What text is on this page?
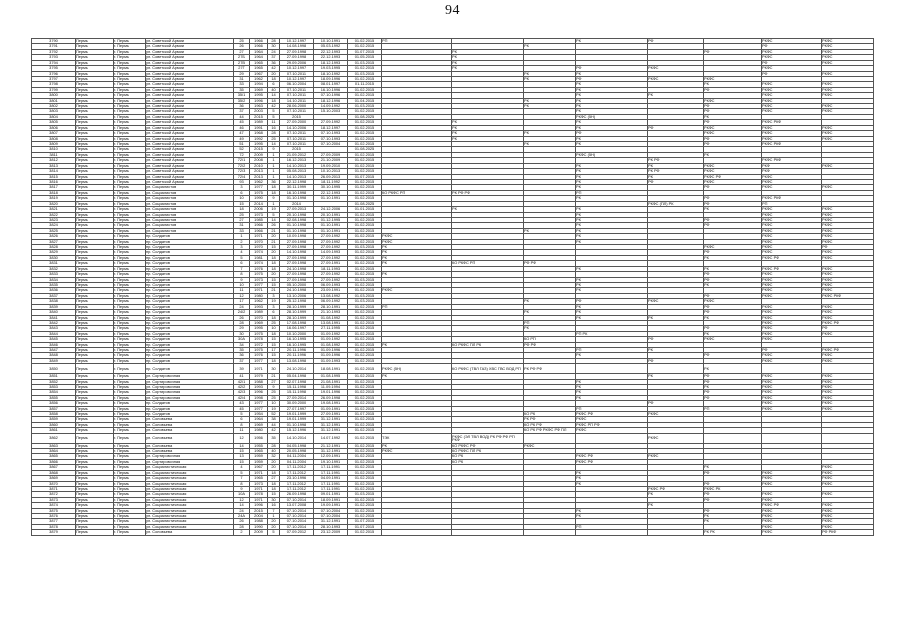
94
3790	Пермь	г. Пермь	ул. Советской Армии	25	1966	28	10.12.1997	10.10.1991	01.02.2015	РП			РК	РФ		РКФС	РКФС
3791	Пермь	г. Пермь	ул. Советской Армии	26	1966	30	14.08.1998	05.03.1992	01.02.2015			РК				РФ	РКФС
3792	Пермь	г. Пермь	ул. Советской Армии	27	1964	24	27.09.1998	22.12.1993	01.07.2015		РК				РФ	РКФС	РКФС
3793	Пермь	г. Пермь	ул. Советской Армии	27Б	1964	37	27.09.1998	22.12.1993	01.05.2015		РК					РКФС	РКФС
3794	Пермь	г. Пермь	ул. Советской Армии	27В	1965	36	29.09.2006	18.12.1993	01.03.2015		РК					РФ	РКФС
3795	Пермь	г. Пермь	ул. Советской Армии	27Г	1965	42	10.12.1997	19.03.1995	01.02.2015		РК		РФ	РКФС		РКФС	
3796	Пермь	г. Пермь	ул. Советской Армии	29	1967	20	07.10.2011	18.10.1992	01.03.2015			РК	РК			РФ	РКФС
3797	Пермь	г. Пермь	ул. Советской Армии	31	1962	18	10.12.1997	18.09.1996	01.02.2015			РК	РФ	РКФС	РКФС		
3798	Пермь	г. Пермь	ул. Советской Армии	33	1994	6	06.10.2004	08.01.1997	01.11.2015				РК		РК	РКФС	РКФС
3799	Пермь	г. Пермь	ул. Советской Армии	35	1969	40	07.10.2011	16.10.1996	01.02.2015				РК		РФ	РКФС	РКФС
3800	Пермь	г. Пермь	ул. Советской Армии	35/1	1995	14	07.10.2011	07.10.1996	01.02.2015				РК	РК		РКФС	РКФС
3801	Пермь	г. Пермь	ул. Советской Армии	35/2	1996	18	14.10.2011	18.12.1996	01.04.2015			РК	РК		РКФС	РКФС	
3802	Пермь	г. Пермь	ул. Советской Армии	36	1963	42	28.06.2000	14.09.1992	01.03.2015			РК	РК		РФ	РКФС	РКФС
3803	Пермь	г. Пермь	ул. Советской Армии	37	2003	5	07.10.2011	15.10.2003	01.02.2015				РК		РФ	РКФС	РКФС
3804	Пермь	г. Пермь	ул. Советской Армии	44	2015	5	2015		01.08.2025				РКФС (5Н)		РК		
3805	Пермь	г. Пермь	ул. Советской Армии	45	1989	11	27.09.2000	27.09.1992	01.02.2015		РК		РК		РФ	РКФС РКФ	
3806	Пермь	г. Пермь	ул. Советской Армии	46	1991	16	14.10.2006	18.12.1997	01.02.2015		РК		РК	РФ	РКФС	РКФС	РКФС
3807	Пермь	г. Пермь	ул. Советской Армии	47	1968	28	07.10.2011	07.10.1993	01.02.2015		РК	РК	РФ		РКФС	РКФС	РКФС
3808	Пермь	г. Пермь	ул. Советской Армии	49	1992	25	07.10.2011	07.10.1993	01.02.2015		РК		РК		РФ	РКФС	РКФС
3809	Пермь	г. Пермь	ул. Советской Армии	51	1995	14	07.10.2011	07.10.2004	01.02.2015			РК	РК		РФ	РКФС РКФ	
3810	Пермь	г. Пермь	ул. Советской Армии	52	2015	9	2015		01.08.2025								
3811	Пермь	г. Пермь	ул. Советской Армии	72	2009	1	21.09.2012	27.09.2009	01.02.2015				РКФС (5Н)		РК		
3812	Пермь	г. Пермь	ул. Советской Армии	72/1	2008	1	16.12.2013	21.10.2009	01.02.2015					РК РФ		РКФС РКФ	
3813	Пермь	г. Пермь	ул. Советской Армии	72/2	2010	1	14.10.2013	19.09.2010	01.02.2015				РК	РК	РКФС	РКФ	РКФС
3814	Пермь	г. Пермь	ул. Советской Армии	72/3	2013	1	05.08.2013	10.10.2013	01.02.2015				РК	РК РФ	РКФС	РКФ	
3815	Пермь	г. Пермь	ул. Советской Армии	72/4	2013	1	14.10.2013	26.09.2013	01.07.2015				РК	РК	РКФС РФ	РКФС	
3816	Пермь	г. Пермь	ул. Советской Армии	93	1962	36	22.12.1998	18.11.1992	01.02.2015				РК	РФ	РКФС	РКФС	
3817	Пермь	г. Пермь	ул. Социалистов	3	1977	18	30.11.1999	30.10.1995	01.02.2015				РК		РФ	РКФС	РКФС
3818	Пермь	г. Пермь	ул. Социалистов	6	1975	18	16.10.1998	22.12.1993	01.02.2015	КО РКФС РП	РК РФ РФ		РП				
3819	Пермь	г. Пермь	ул. Социалистов	10	1990	9	01.10.1998	01.10.1991	01.02.2015				РК		РФ	РКФС РКФ	
3820	Пермь	г. Пермь	ул. Социалистов	15	2014	1	2014		01.08.2025					РКФС (ПЛ) РК	РФ	РП	
3821	Пермь	г. Пермь	ул. Социалистов	18	2006	19	27.09.2013	24.12.2006	01.01.2015		РК		РК		РК	РКФС	РКФС
3822	Пермь	г. Пермь	ул. Социалистов	25	1973	5	20.10.1998	20.10.1991	01.02.2015				РК			РКФС	РКФС
3823	Пермь	г. Пермь	ул. Социалистов	27	1985	14	02.08.1998	01.12.1995	01.02.2015				РК		РФ	РКФС	РКФС
3824	Пермь	г. Пермь	ул. Социалистов	31	1966	26	01.10.1998	01.10.1991	01.02.2015				РК		РФ	РКФС	РКФС
3825	Пермь	г. Пермь	ул. Социалистов	33	1966	21	01.10.1998	01.10.1991	01.02.2015			РК	РК			РКФС	РКФС
3826	Пермь	г. Пермь	пр. Солдатов	1	1971	20	10.09.1998	27.09.1992	01.02.2015	РКФС			РК			РКФС	РКФС
3827	Пермь	г. Пермь	пр. Солдатов	2	1970	21	27.09.1998	27.09.1992	01.02.2015	РКФС			РК			РКФС	РКФС
3828	Пермь	г. Пермь	пр. Солдатов	3	1970	15	27.09.1998	27.09.1992	01.03.2015	РК					РКФС	РКФС	РФ
3829	Пермь	г. Пермь	пр. Солдатов	4	1974	20	14.10.1998	14.09.1993	01.02.2015	РК					РФ	РКФС	РКФС
3830	Пермь	г. Пермь	пр. Солдатов	5	1981	18	27.09.1998	27.09.1992	01.02.2015	РК					РК	РКФС РФ	РКФС
3831	Пермь	г. Пермь	пр. Солдатов	6	1974	18	27.09.1998	27.09.1991	01.02.2015	РК	КО РКФС РП	РФ РФ					
3832	Пермь	г. Пермь	пр. Солдатов	7	1976	18	24.10.1998	18.11.1993	01.02.2015				РК		РК	РКФС РФ	РКФС
3833	Пермь	г. Пермь	пр. Солдатов	8	1975	20	27.09.1998	27.09.1992	01.02.2015	РК					РФ	РКФС	РКФС
3834	Пермь	г. Пермь	пр. Солдатов	9	1973	15	27.09.1998	27.09.1992	01.03.2015				РК		РФ	РКФС	РКФС
3835	Пермь	г. Пермь	пр. Солдатов	10	1977	15	05.10.2000	06.09.1993	01.02.2015				РК		РК	РКФС	РКФС
3836	Пермь	г. Пермь	пр. Солдатов	11	1971	21	24.10.1998	23.09.1991	01.02.2015	РКФС			РК			РКФС	РКФС
3837	Пермь	г. Пермь	пр. Солдатов	12	1980	3	13.10.2006	13.08.1992	01.03.2015						РФ	РКФС	РКФС РКФ
3838	Пермь	г. Пермь	пр. Солдатов	17	1962	19	25.12.1998	06.09.1992	01.03.2015			РК	РФ	РКФС	РКФС		
3839	Пермь	г. Пермь	пр. Солдатов	24	1993	3	28.10.1999	28.10.1991	01.02.2015	РП			РК		РФ	РКФС	РКФС
3840	Пермь	г. Пермь	пр. Солдатов	24/2	1989	6	28.10.1999	21.10.1993	01.02.2015			РК	РК		РФ	РКФС	РКФС
3841	Пермь	г. Пермь	пр. Солдатов	26	1970	18	28.10.1999	01.08.1992	01.02.2015				РК	РК	РК	РКФС	РКФС
3842	Пермь	г. Пермь	пр. Солдатов	28	1969	25	17.08.1998	13.08.1991	01.02.2015			РП				РКФС	РКФС РФ
3843	Пермь	г. Пермь	пр. Солдатов	29	1995	10	16.06.1997	27.11.1995	01.02.2015			РК			РФ	РКФС	РФ
3844	Пермь	г. Пермь	пр. Солдатов	30	1975	18	10.10.2000	01.09.1992	01.02.2015				РП РК		РК	РКФС	РКФС
3845	Пермь	г. Пермь	пр. Солдатов	30А	1978	15	16.10.1995	01.09.1992	01.02.2015			КО РП		РФ	РКФС	РКФС	
3846	Пермь	г. Пермь	пр. Солдатов	34	1972	15	16.10.1995	01.08.1992	01.02.2015	РК	КО РКФС ПЛ РК	РФ РФ					
3847	Пермь	г. Пермь	пр. Солдатов	35	1975	17	20.11.1996	01.09.1996	01.02.2015				РП	РК		РФ	РКФС РФ
3848	Пермь	г. Пермь	пр. Солдатов	36	1976	15	20.11.1996	01.09.1996	01.02.2015				РК		РФ	РКФС	РКФС
3849	Пермь	г. Пермь	пр. Солдатов	37	1977	18	13.08.1998	01.09.1993	01.02.2015					РФ		РКФС	РКФС
3850	Пермь	г. Пермь	пр. Солдатов	39	1971	30	24.10.2014	18.08.1991	01.02.2015	РКФС (5Н)	КО РКФС (ТВЛ ГАЗ) ХВС ГВС ВОД РП	РК РФ РФ			РК		
3851	Пермь	г. Пермь	ул. Сортировочная	41	1979	21	05.04.1998	01.08.1995	01.02.2015	РК				РК	РФ	РКФС	РКФС
3852	Пермь	г. Пермь	ул. Сортировочная	42/1	1988	27	02.07.1998	21.08.1991	01.02.2015				РК		РФ	РКФС	РКФС
3853	Пермь	г. Пермь	ул. Сортировочная	42/2	1993	9	15.11.1998	11.09.1994	01.02.2015				РК		РК	РКФС	РКФС
3854	Пермь	г. Пермь	ул. Сортировочная	42/3	1996	25	15.11.1998	19.01.1996	01.02.2015				РК		РФ	РКФС	РКФС
3855	Пермь	г. Пермь	ул. Сортировочная	42/4	1998	25	27.09.2014	26.09.1998	01.02.2015				РК		РФ	РКФС	РКФС
3856	Пермь	г. Пермь	пр. Солдатов	43	1977	10	30.09.2000	19.08.1991	01.02.2015					РФ		РКФС	РКФС
3857	Пермь	г. Пермь	пр. Солдатов	45	1977	19	27.07.1997	01.09.1991	01.02.2015				РП		РП	РКФС	РКФС
3858	Пермь	г. Пермь	пр. Солдатов	5	1954	52	19.01.1999	27.09.1991	01.07.2015			КО РК	РКФС РФ	РКФС			
3859	Пермь	г. Пермь	ул. Соловьева	6	1964	38	19.01.1999	31.12.1991	01.02.2015			РК РФ	РКФС				
3860	Пермь	г. Пермь	ул. Соловьева	8	1969	44	01.10.1998	31.12.1991	01.02.2015			КО РК РФ	РКФС РП РФ				
3861	Пермь	г. Пермь	ул. Соловьева	11	1980	42	15.12.1996	31.12.1991	01.02.2015			КО РК РФ РКФС РФ ПЛ	РКФС				
3862	Пермь	г. Пермь	ул. Соловьева	12	1956	35	14.10.2014	14.07.1992	01.02.2015	ТЭК	РКФС (ЭЛ ТВЛ ВОД) РК РФ РФ РП РКФ			РКФС			
3863	Пермь	г. Пермь	ул. Соловьева	14	1955	28	04.05.1998	21.12.1991	01.02.2015	РК	КО РКФС РФ	РКФС					
3864	Пермь	г. Пермь	ул. Соловьева	15	1965	40	20.05.1998	31.12.1991	01.02.2015	РКФС	КО РКФС ПЛ РК						
3865	Пермь	г. Пермь	ул. Сортировочная	13	1959	32	04.11.2004	12.09.1991	01.02.2015		КО РК		РКФС РФ	РКФС			
3866	Пермь	г. Пермь	ул. Сортировочная	15	1959	20	04.11.2004	19.10.1991	01.02.2015		КО РК		РКФС РФ				
3867	Пермь	г. Пермь	ул. Социалистическая	4	1967	20	17.11.2012	17.11.1991	01.02.2015						РК		РКФС
3868	Пермь	г. Пермь	ул. Социалистическая	5	1971	18	17.11.2012	17.11.1991	01.02.2015				РК		РФ	РКФС	РКФС
3869	Пермь	г. Пермь	ул. Социалистическая	7	1965	27	23.10.1996	04.09.1991	01.02.2015				РК			РКФС	РКФС
3870	Пермь	г. Пермь	ул. Социалистическая	8	1973	18	17.11.2012	17.11.1991	01.02.2015				РК		РФ	РКФС	РКФС
3871	Пермь	г. Пермь	ул. Социалистическая	9	1971	18	17.11.2012	17.11.1991	01.02.2015					РКФС РФ	РКФС РК		
3872	Пермь	г. Пермь	ул. Социалистическая	10А	1978	15	26.09.1998	09.01.1991	01.03.2015					РК	РФ	РКФС	РКФС
3873	Пермь	г. Пермь	ул. Социалистическая	12	1971	30	07.10.2014	18.09.1991	01.02.2015						РФ	РКФС	
3874	Пермь	г. Пермь	ул. Социалистическая	14	1996	16	13.07.2008	19.09.1991	01.02.2015					РК		РКФС РФ	РКФС
3875	Пермь	г. Пермь	ул. Социалистическая	24	2015	7	07.10.2014	07.10.2004	01.02.2015				РК		РФ	РКФС	РКФС
3876	Пермь	г. Пермь	ул. Социалистическая	24А	2004	1	07.10.2014	07.10.2004	01.02.2015				РК		РК	РКФС	РКФС
3877	Пермь	г. Пермь	ул. Социалистическая	26	1988	20	07.10.2014	31.12.1991	01.07.2015						РК	РКФС	РКФС
3878	Пермь	г. Пермь	ул. Социалистическая	28	1990	20	07.10.2014	28.10.1993	01.07.2015				РП			РКФС	РКФС
3879	Пермь	г. Пермь	ул. Соловьева	2	2009	5	07.09.2012	23.12.2009	01.02.2015						РК РК	РКФС	РФ РКФ
